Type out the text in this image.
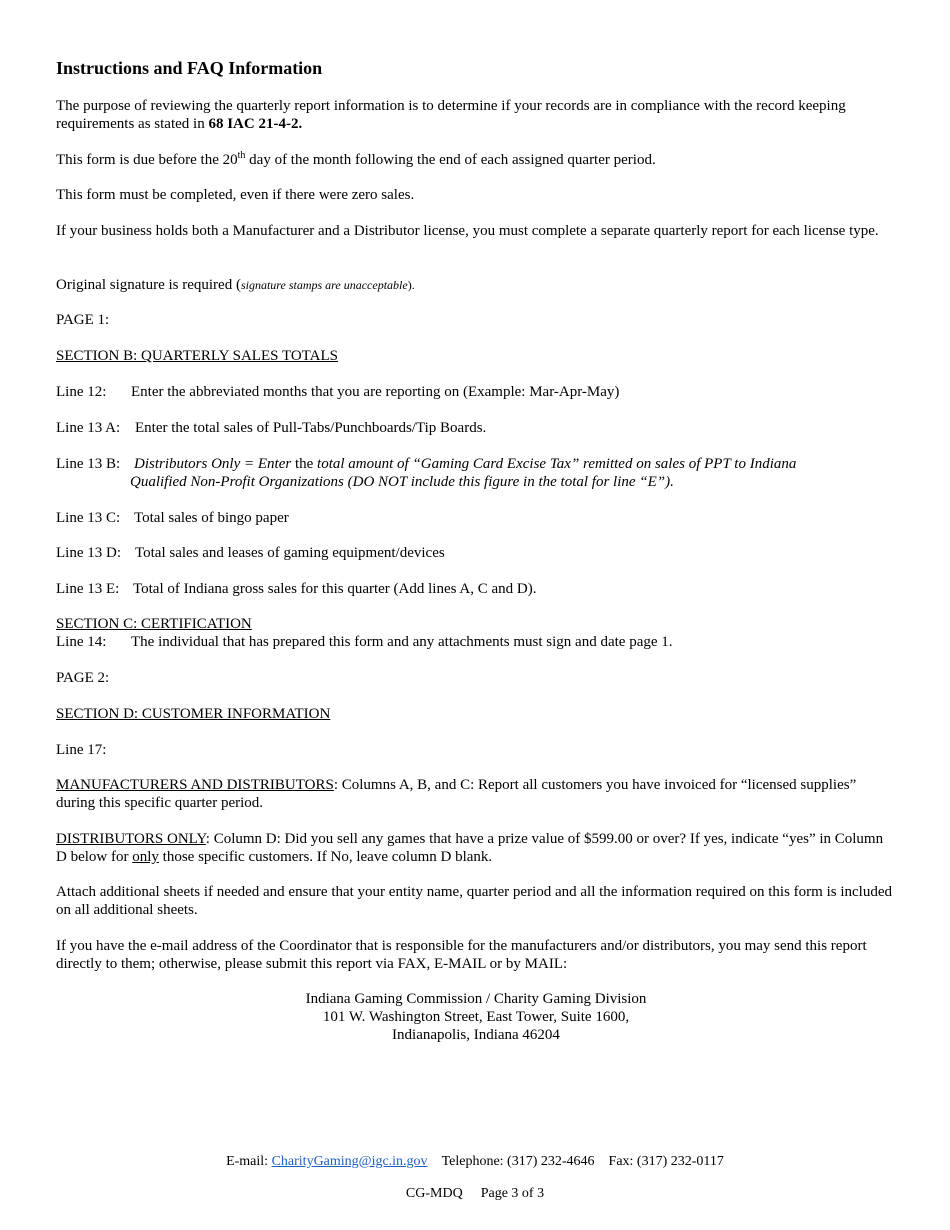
Instructions and FAQ Information

The purpose of reviewing the quarterly report information is to determine if your records are in compliance with the record keeping requirements as stated in 68 IAC 21-4-2.

This form is due before the 20th day of the month following the end of each assigned quarter period.

This form must be completed, even if there were zero sales.

If your business holds both a Manufacturer and a Distributor license, you must complete a separate quarterly report for each license type.

Original signature is required (signature stamps are unacceptable).

PAGE 1:

SECTION B: QUARTERLY SALES TOTALS

Line 12: Enter the abbreviated months that you are reporting on (Example: Mar-Apr-May)
Line 13 A: Enter the total sales of Pull-Tabs/Punchboards/Tip Boards.
Line 13 B: Distributors Only = Enter the total amount of “Gaming Card Excise Tax” remitted on sales of PPT to Indiana
Qualified Non-Profit Organizations (DO NOT include this figure in the total for line “E”).
Line 13 C: Total sales of bingo paper
Line 13 D: Total sales and leases of gaming equipment/devices
Line 13 E: Total of Indiana gross sales for this quarter (Add lines A, C and D).

SECTION C: CERTIFICATION

Line 14: The individual that has prepared this form and any attachments must sign and date page 1.

PAGE 2:

SECTION D: CUSTOMER INFORMATION

Line 17:

MANUFACTURERS AND DISTRIBUTORS: Columns A, B, and C: Report all customers you have invoiced for “licensed supplies” during this specific quarter period.

DISTRIBUTORS ONLY: Column D: Did you sell any games that have a prize value of $599.00 or over? If yes, indicate “yes” in Column D below for only those specific customers. If No, leave column D blank.

Attach additional sheets if needed and ensure that your entity name, quarter period and all the information required on this form is included on all additional sheets.

If you have the e-mail address of the Coordinator that is responsible for the manufacturers and/or distributors, you may send this report directly to them; otherwise, please submit this report via FAX, E-MAIL or by MAIL:

Indiana Gaming Commission / Charity Gaming Division
101 W. Washington Street, East Tower, Suite 1600,
Indianapolis, Indiana 46204
E-mail: CharityGaming@igc.in.gov Telephone: (317) 232-4646 Fax: (317) 232-0117
CG-MDQ Page 3 of 3
